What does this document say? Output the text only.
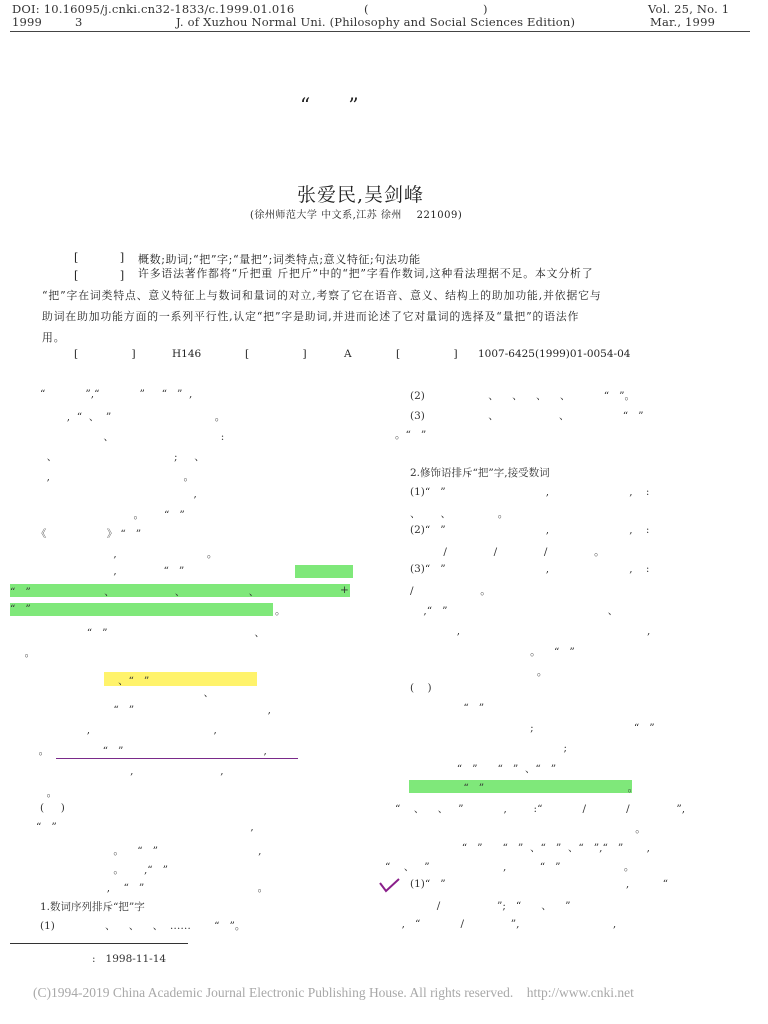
DOI: 10.16095/j.cnki.cn32-1833/c.1999.01.016	(	)	Vol. 25, No. 1
1999	3	J. of Xuzhou Normal Uni. (Philosophy and Social Sciences Edition)	Mar., 1999
“      ”
张爱民,吴剑峰
(徐州师范大学 中文系,江苏 徐州    221009)
[          ] 概数;助词;“把”字;“量把”;词类特点;意义特征;句法功能
[          ] 许多语法著作都将“斤把重 斤把斤”中的“把”字看作数词,这种看法理据不足。本文分析了
“把”字在词类特点、意义特征上与数词和量词的对立,考察了它在语音、意义、结构上的助加功能,并依据它与
助词在助加功能方面的一系列平行性,认定“把”字是助词,并进而论述了它对量词的选择及“量把”的语法作
用。
[                ]	H146	[                ]	A	[                ] 1007-6425(1999)01-0054-04
、“   ”
+
。
“            ”,“            ”     “   ”  ,
,  “  、  ”                               。
、                                :
、                                   ;     、
,                                        。
,
。      “   ”
《                  》 “   ”
,                           。
,              “   ”
“   ”                      、                  、                   、
“   ”
“   ”                                            、
。
、
“   ”                                        ,
,                                     ,
。                “   ”                                          ,
,                          ,
。
(     )
“   ”                                                          ,
。    “   ”                              ,
。      ,“   ”
,    “   ”                                  。
1.数词序列排斥“把”字
(1)               、    、    、  ……       “   ”。
(2)                   、    、    、    、          “   ”。
(3)                   、                  、                “   ”
。“   ”
2.修饰语排斥“把”字,接受数词
(1)“   ”                              ,                        ,    :
、      、              。
(2)“   ”                              ,                        ,    :
/              /              /              。
(3)“   ”                              ,                        ,    :
/                    。
,“   ”                                                、
,                                                        ,
。    “   ”
。
(    )
“   ”
;                              “   ”
;
“   ”      “   ”  、“   ”
“   ”                                           。
“    、    、   ”            ,        :“            /            /              ”,
。
“   ”      “   ”  、“   ”  、“   ”,“   ”       ,
“    、   ”                      ,          “   ”                   。
(1)“   ”                                                      ,          “
/                 ”;   “      、    ”
,   “            /              ”,                            ,
:   1998-11-14
(C)1994-2019 China Academic Journal Electronic Publishing House. All rights reserved.    http://www.cnki.net
